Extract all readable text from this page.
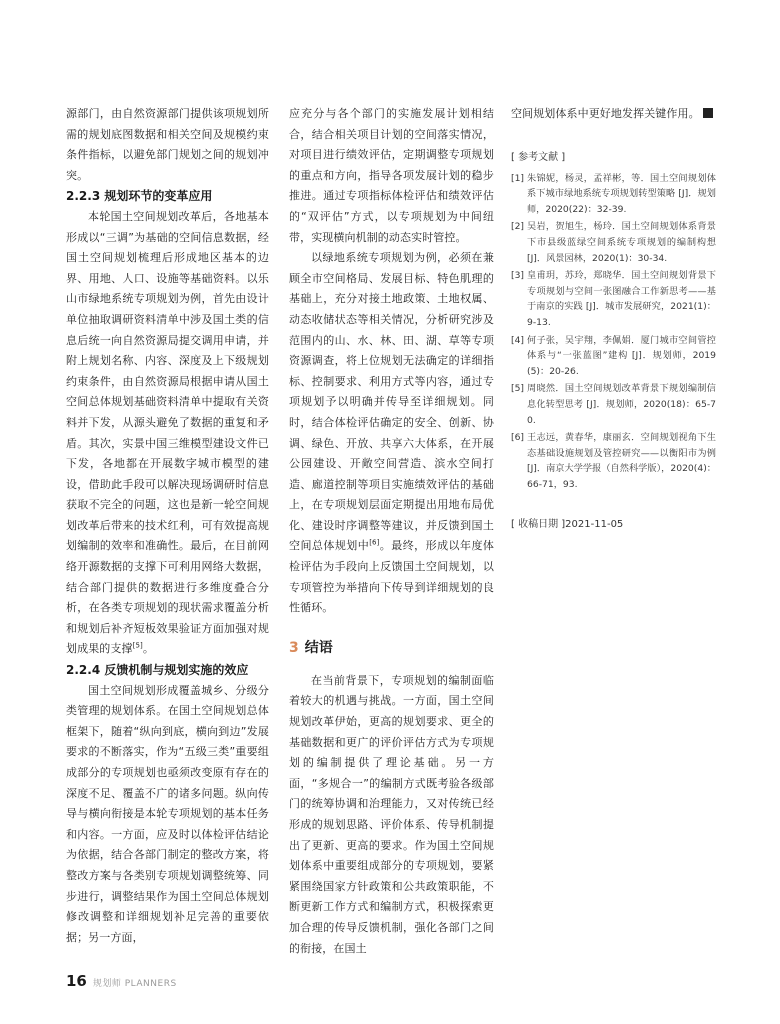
源部门，由自然资源部门提供该项规划所需的规划底图数据和相关空间及规模约束条件指标，以避免部门规划之间的规划冲突。

2.2.3 规划环节的变革应用

本轮国土空间规划改革后，各地基本形成以“三调”为基础的空间信息数据，经国土空间规划梳理后形成地区基本的边界、用地、人口、设施等基础资料。以乐山市绿地系统专项规划为例，首先由设计单位抽取调研资料清单中涉及国土类的信息后统一向自然资源局提交调用申请，并附上规划名称、内容、深度及上下级规划约束条件，由自然资源局根据申请从国土空间总体规划基础资料清单中提取有关资料并下发，从源头避免了数据的重复和矛盾。其次，实景中国三维模型建设文件已下发，各地都在开展数字城市模型的建设，借助此手段可以解决现场调研时信息获取不完全的问题，这也是新一轮空间规划改革后带来的技术红利，可有效提高规划编制的效率和准确性。最后，在目前网络开源数据的支撑下可利用网络大数据，结合部门提供的数据进行多维度叠合分析，在各类专项规划的现状需求覆盖分析和规划后补齐短板效果验证方面加强对规划成果的支撑[5]。

2.2.4 反馈机制与规划实施的效应

国土空间规划形成覆盖城乡、分级分类管理的规划体系。在国土空间规划总体框架下，随着“纵向到底，横向到边”发展要求的不断落实，作为“五级三类”重要组成部分的专项规划也亟须改变原有存在的深度不足、覆盖不广的诸多问题。纵向传导与横向衔接是本轮专项规划的基本任务和内容。一方面，应及时以体检评估结论为依据，结合各部门制定的整改方案，将整改方案与各类别专项规划调整统筹、同步进行，调整结果作为国土空间总体规划修改调整和详细规划补足完善的重要依据；另一方面，

应充分与各个部门的实施发展计划相结合，结合相关项目计划的空间落实情况，对项目进行绩效评估，定期调整专项规划的重点和方向，指导各项发展计划的稳步推进。通过专项指标体检评估和绩效评估的“双评估”方式，以专项规划为中间纽带，实现横向机制的动态实时管控。

以绿地系统专项规划为例，必须在兼顾全市空间格局、发展目标、特色肌理的基础上，充分对接土地政策、土地权属、动态收储状态等相关情况，分析研究涉及范围内的山、水、林、田、湖、草等专项资源调查，将上位规划无法确定的详细指标、控制要求、利用方式等内容，通过专项规划予以明确并传导至详细规划。同时，结合体检评估确定的安全、创新、协调、绿色、开放、共享六大体系，在开展公园建设、开敞空间营造、滨水空间打造、廊道控制等项目实施绩效评估的基础上，在专项规划层面定期提出用地布局优化、建设时序调整等建议，并反馈到国土空间总体规划中[6]。最终，形成以年度体检评估为手段向上反馈国土空间规划，以专项管控为举措向下传导到详细规划的良性循环。

3 结语

在当前背景下，专项规划的编制面临着较大的机遇与挑战。一方面，国土空间规划改革伊始，更高的规划要求、更全的基础数据和更广的评价评估方式为专项规划的编制提供了理论基础。另一方面，“多规合一”的编制方式既考验各级部门的统筹协调和治理能力，又对传统已经形成的规划思路、评价体系、传导机制提出了更新、更高的要求。作为国土空间规划体系中重要组成部分的专项规划，要紧紧围绕国家方针政策和公共政策职能，不断更新工作方式和编制方式，积极探索更加合理的传导反馈机制，强化各部门之间的衔接，在国土

空间规划体系中更好地发挥关键作用。

[ 参考文献 ]

[1] 朱锦妮，杨灵，孟祥彬，等．国土空间规划体系下城市绿地系统专项规划转型策略 [J]．规划师，2020(22)：32-39.
[2] 吴岩，贺旭生，杨玲．国土空间规划体系背景下市县级蓝绿空间系统专项规划的编制构想 [J]．风景园林，2020(1)：30-34.
[3] 皇甫玥，苏玲，郑晓华．国土空间规划背景下专项规划与空间一张图融合工作新思考——基于南京的实践 [J]．城市发展研究，2021(1)：9-13.
[4] 何子张，吴宇翔，李佩娟．厦门城市空间管控体系与“一张蓝图”建构 [J]．规划师，2019(5)：20-26.
[5] 周晓然．国土空间规划改革背景下规划编制信息化转型思考 [J]．规划师，2020(18)：65-70.
[6] 王志远，黄春华，康丽玄．空间规划视角下生态基础设施规划及管控研究——以衡阳市为例 [J]．南京大学学报（自然科学版），2020(4)：66-71，93.

[ 收稿日期 ]2021-11-05

16 规划师 PLANNERS
